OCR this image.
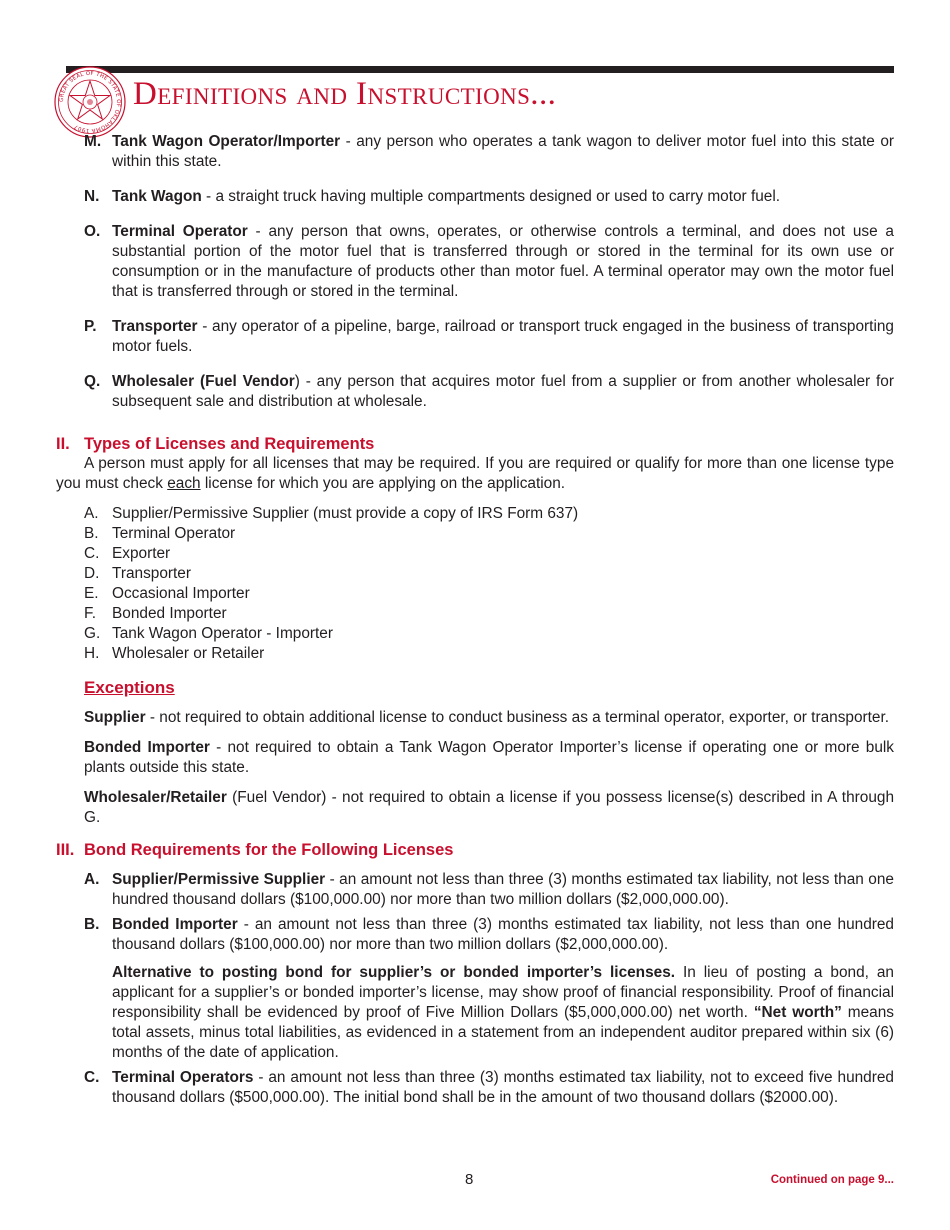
GREAT SEAL OF THE STATE OF OKLAHOMA 1907
Definitions and Instructions...
M. Tank Wagon Operator/Importer - any person who operates a tank wagon to deliver motor fuel into this state or within this state.
N. Tank Wagon - a straight truck having multiple compartments designed or used to carry motor fuel.
O. Terminal Operator - any person that owns, operates, or otherwise controls a terminal, and does not use a substantial portion of the motor fuel that is transferred through or stored in the terminal for its own use or consumption or in the manufacture of products other than motor fuel. A terminal operator may own the motor fuel that is transferred through or stored in the terminal.
P. Transporter - any operator of a pipeline, barge, railroad or transport truck engaged in the business of transporting motor fuels.
Q. Wholesaler (Fuel Vendor) - any person that acquires motor fuel from a supplier or from another wholesaler for subsequent sale and distribution at wholesale.
II. Types of Licenses and Requirements

A person must apply for all licenses that may be required. If you are required or qualify for more than one license type you must check each license for which you are applying on the application.

A. Supplier/Permissive Supplier (must provide a copy of IRS Form 637)
B. Terminal Operator
C. Exporter
D. Transporter
E. Occasional Importer
F. Bonded Importer
G. Tank Wagon Operator - Importer
H. Wholesaler or Retailer
Exceptions

Supplier - not required to obtain additional license to conduct business as a terminal operator, exporter, or transporter.

Bonded Importer - not required to obtain a Tank Wagon Operator Importer’s license if operating one or more bulk plants outside this state.

Wholesaler/Retailer (Fuel Vendor) - not required to obtain a license if you possess license(s) described in A through G.

III. Bond Requirements for the Following Licenses
A. Supplier/Permissive Supplier - an amount not less than three (3) months estimated tax liability, not less than one hundred thousand dollars ($100,000.00) nor more than two million dollars ($2,000,000.00).
B. Bonded Importer - an amount not less than three (3) months estimated tax liability, not less than one hundred thousand dollars ($100,000.00) nor more than two million dollars ($2,000,000.00).

Alternative to posting bond for supplier’s or bonded importer’s licenses. In lieu of posting a bond, an applicant for a supplier’s or bonded importer’s license, may show proof of financial responsibility. Proof of financial responsibility shall be evidenced by proof of Five Million Dollars ($5,000,000.00) net worth. “Net worth” means total assets, minus total liabilities, as evidenced in a statement from an independent auditor prepared within six (6) months of the date of application.

C. Terminal Operators - an amount not less than three (3) months estimated tax liability, not to exceed five hundred thousand dollars ($500,000.00). The initial bond shall be in the amount of two thousand dollars ($2000.00).
8	Continued on page 9...
